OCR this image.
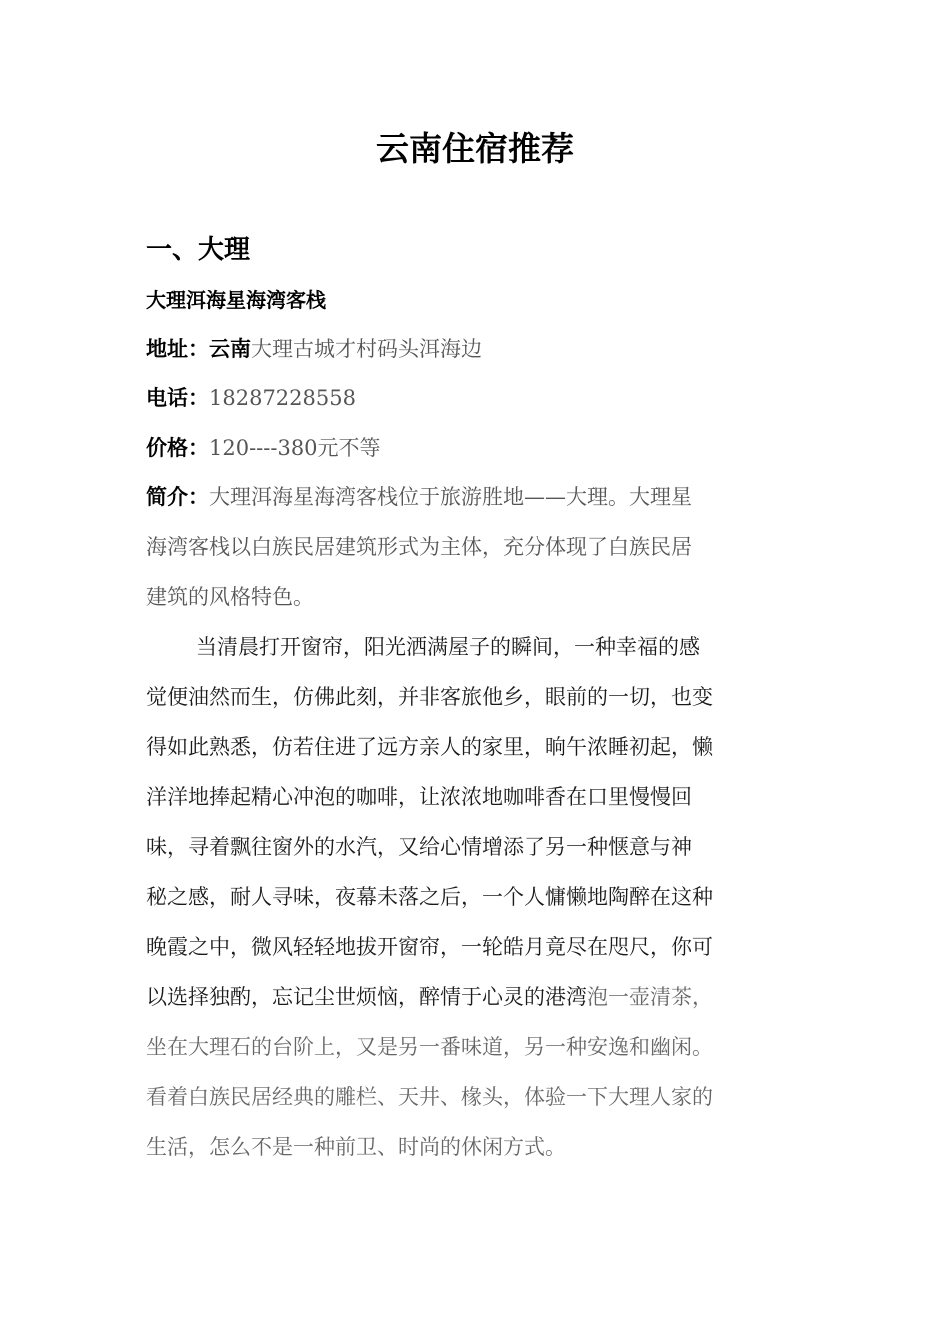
云南住宿推荐
一、大理
大理洱海星海湾客栈
地址：云南大理古城才村码头洱海边
电话：18287228558
价格：120----380元不等
简介：大理洱海星海湾客栈位于旅游胜地——大理。大理星
海湾客栈以白族民居建筑形式为主体，充分体现了白族民居
建筑的风格特色。
当清晨打开窗帘，阳光洒满屋子的瞬间，一种幸福的感
觉便油然而生，仿佛此刻，并非客旅他乡，眼前的一切，也变
得如此熟悉，仿若住进了远方亲人的家里，晌午浓睡初起，懒
洋洋地捧起精心冲泡的咖啡，让浓浓地咖啡香在口里慢慢回
味，寻着飘往窗外的水汽，又给心情增添了另一种惬意与神
秘之感，耐人寻味，夜幕未落之后，一个人慵懒地陶醉在这种
晚霞之中，微风轻轻地拔开窗帘，一轮皓月竟尽在咫尺，你可
以选择独酌，忘记尘世烦恼，醉情于心灵的港湾泡一壶清茶，
坐在大理石的台阶上，又是另一番味道，另一种安逸和幽闲。
看着白族民居经典的雕栏、天井、椽头，体验一下大理人家的
生活，怎么不是一种前卫、时尚的休闲方式。
